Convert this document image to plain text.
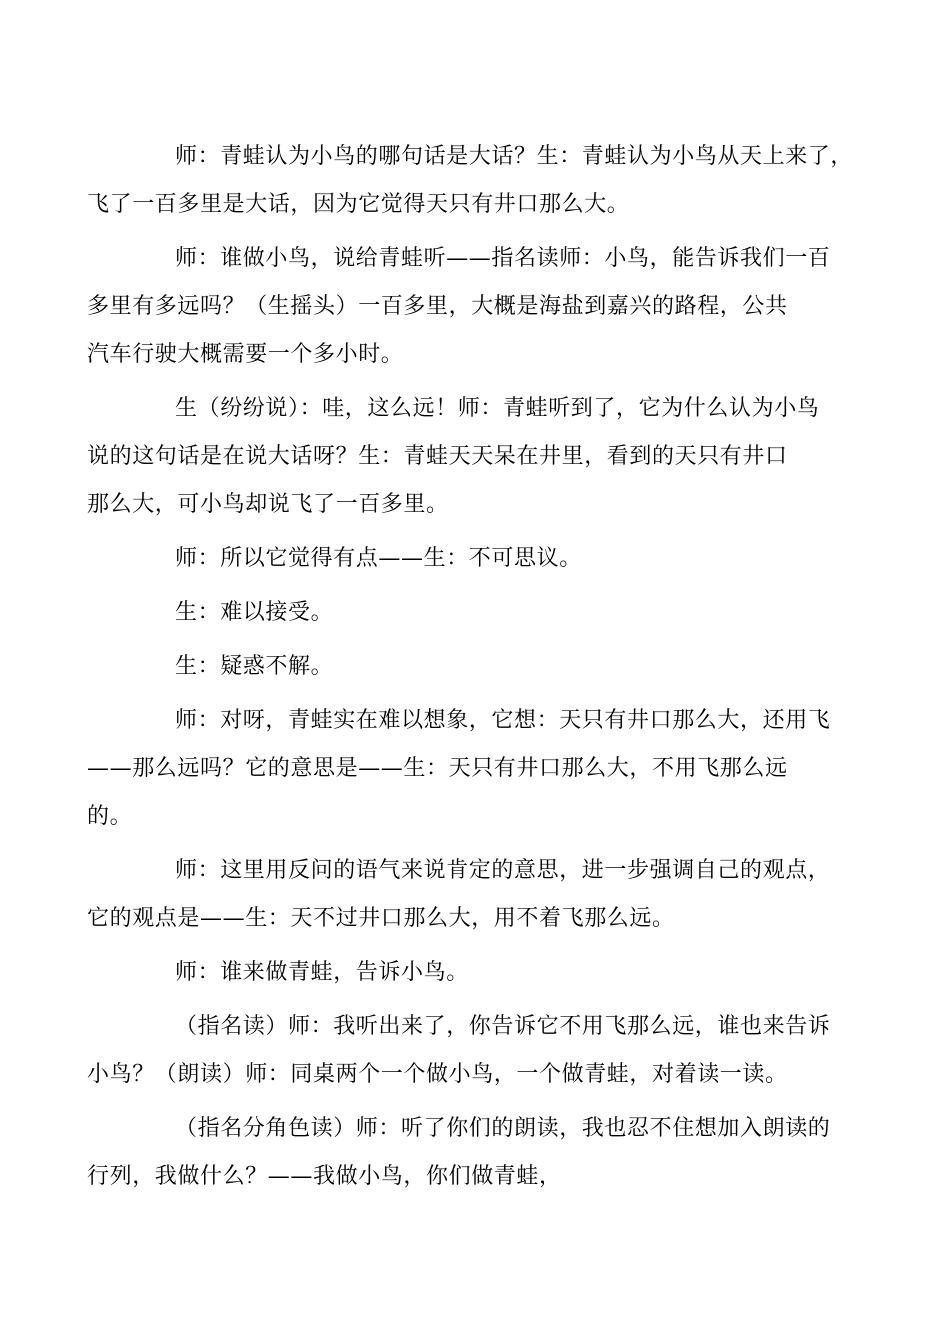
师：青蛙认为小鸟的哪句话是大话？生：青蛙认为小鸟从天上来了，
飞了一百多里是大话，因为它觉得天只有井口那么大。

师：谁做小鸟，说给青蛙听——指名读师：小鸟，能告诉我们一百
多里有多远吗？（生摇头）一百多里，大概是海盐到嘉兴的路程，公共
汽车行驶大概需要一个多小时。

生（纷纷说）：哇，这么远！师：青蛙听到了，它为什么认为小鸟
说的这句话是在说大话呀？生：青蛙天天呆在井里，看到的天只有井口
那么大，可小鸟却说飞了一百多里。

师：所以它觉得有点——生：不可思议。

生：难以接受。

生：疑惑不解。

师：对呀，青蛙实在难以想象，它想：天只有井口那么大，还用飞
——那么远吗？它的意思是——生：天只有井口那么大，不用飞那么远
的。

师：这里用反问的语气来说肯定的意思，进一步强调自己的观点，
它的观点是——生：天不过井口那么大，用不着飞那么远。

师：谁来做青蛙，告诉小鸟。

（指名读）师：我听出来了，你告诉它不用飞那么远，谁也来告诉
小鸟？（朗读）师：同桌两个一个做小鸟，一个做青蛙，对着读一读。

（指名分角色读）师：听了你们的朗读，我也忍不住想加入朗读的
行列，我做什么？——我做小鸟，你们做青蛙，
